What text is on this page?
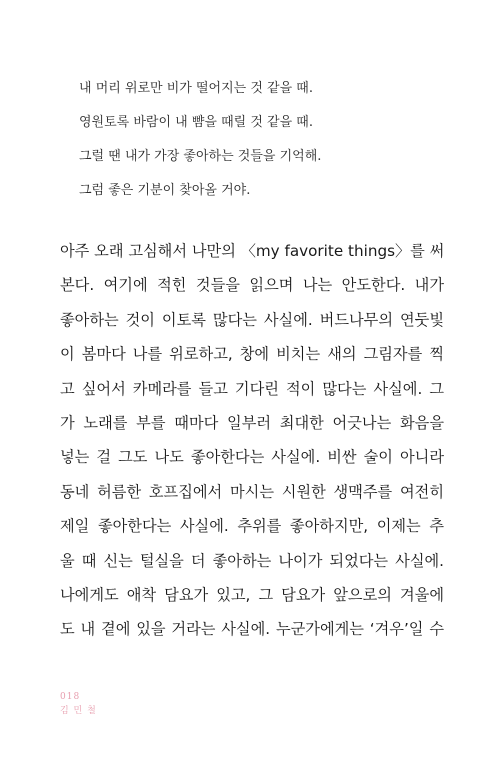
내 머리 위로만 비가 떨어지는 것 같을 때.
영원토록 바람이 내 뺨을 때릴 것 같을 때.
그럴 땐 내가 가장 좋아하는 것들을 기억해.
그럼 좋은 기분이 찾아올 거야.
아주 오래 고심해서 나만의 〈my favorite things〉를 써
본다. 여기에 적힌 것들을 읽으며 나는 안도한다. 내가
좋아하는 것이 이토록 많다는 사실에. 버드나무의 연둣빛
이 봄마다 나를 위로하고, 창에 비치는 새의 그림자를 찍
고 싶어서 카메라를 들고 기다린 적이 많다는 사실에. 그
가 노래를 부를 때마다 일부러 최대한 어긋나는 화음을
넣는 걸 그도 나도 좋아한다는 사실에. 비싼 술이 아니라
동네 허름한 호프집에서 마시는 시원한 생맥주를 여전히
제일 좋아한다는 사실에. 추위를 좋아하지만, 이제는 추
울 때 신는 털실을 더 좋아하는 나이가 되었다는 사실에.
나에게도 애착 담요가 있고, 그 담요가 앞으로의 겨울에
도 내 곁에 있을 거라는 사실에. 누군가에게는 ‘겨우’일 수
018
김 민 철
